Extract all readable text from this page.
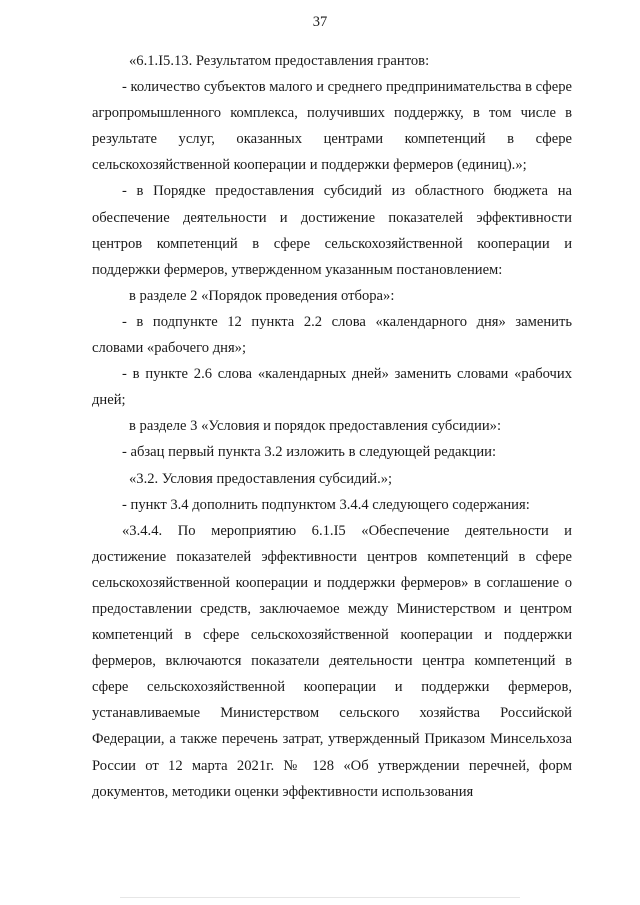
37

«6.1.I5.13. Результатом предоставления грантов:

- количество субъектов малого и среднего предпринимательства в сфере агропромышленного комплекса, получивших поддержку, в том числе в результате услуг, оказанных центрами компетенций в сфере сельскохозяйственной кооперации и поддержки фермеров (единиц).»;

- в Порядке предоставления субсидий из областного бюджета на обеспечение деятельности и достижение показателей эффективности центров компетенций в сфере сельскохозяйственной кооперации и поддержки фермеров, утвержденном указанным постановлением:

в разделе 2 «Порядок проведения отбора»:

- в подпункте 12 пункта 2.2 слова «календарного дня» заменить словами «рабочего дня»;

- в пункте 2.6 слова «календарных дней» заменить словами «рабочих дней;

в разделе 3 «Условия и порядок предоставления субсидии»:

- абзац первый пункта 3.2 изложить в следующей редакции:

«3.2. Условия предоставления субсидий.»;

- пункт 3.4 дополнить подпунктом 3.4.4 следующего содержания:

«3.4.4. По мероприятию 6.1.I5 «Обеспечение деятельности и достижение показателей эффективности центров компетенций в сфере сельскохозяйственной кооперации и поддержки фермеров» в соглашение о предоставлении средств, заключаемое между Министерством и центром компетенций в сфере сельскохозяйственной кооперации и поддержки фермеров, включаются показатели деятельности центра компетенций в сфере сельскохозяйственной кооперации и поддержки фермеров, устанавливаемые Министерством сельского хозяйства Российской Федерации, а также перечень затрат, утвержденный Приказом Минсельхоза России от 12 марта 2021г. № 128 «Об утверждении перечней, форм документов, методики оценки эффективности использования
